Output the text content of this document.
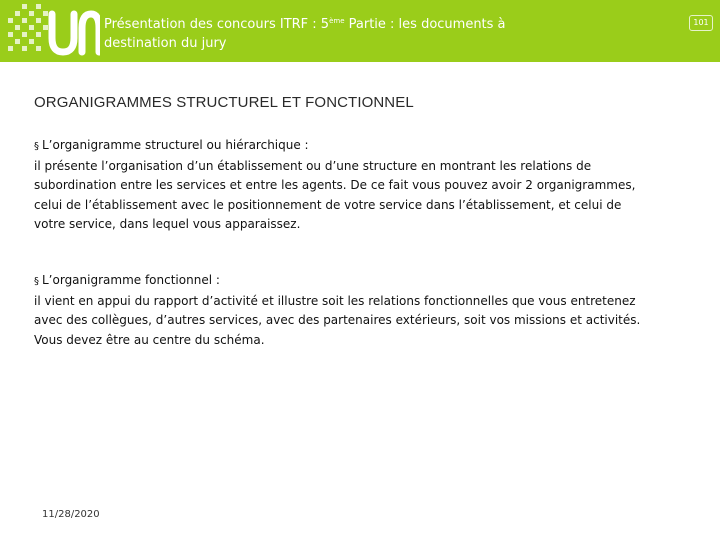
Présentation des concours ITRF : 5ème Partie : les documents à destination du jury
101
ORGANIGRAMMES STRUCTUREL ET FONCTIONNEL
§ L’organigramme structurel ou hiérarchique :
il présente l’organisation d’un établissement ou d’une structure en montrant les relations de
subordination entre les services et entre les agents. De ce fait vous pouvez avoir 2 organigrammes,
celui de l’établissement avec le positionnement de votre service dans l’établissement, et celui de
votre service, dans lequel vous apparaissez.
§ L’organigramme fonctionnel :
il vient en appui du rapport d’activité et illustre soit les relations fonctionnelles que vous entretenez
avec des collègues, d’autres services, avec des partenaires extérieurs, soit vos missions et activités.
Vous devez être au centre du schéma.
11/28/2020
